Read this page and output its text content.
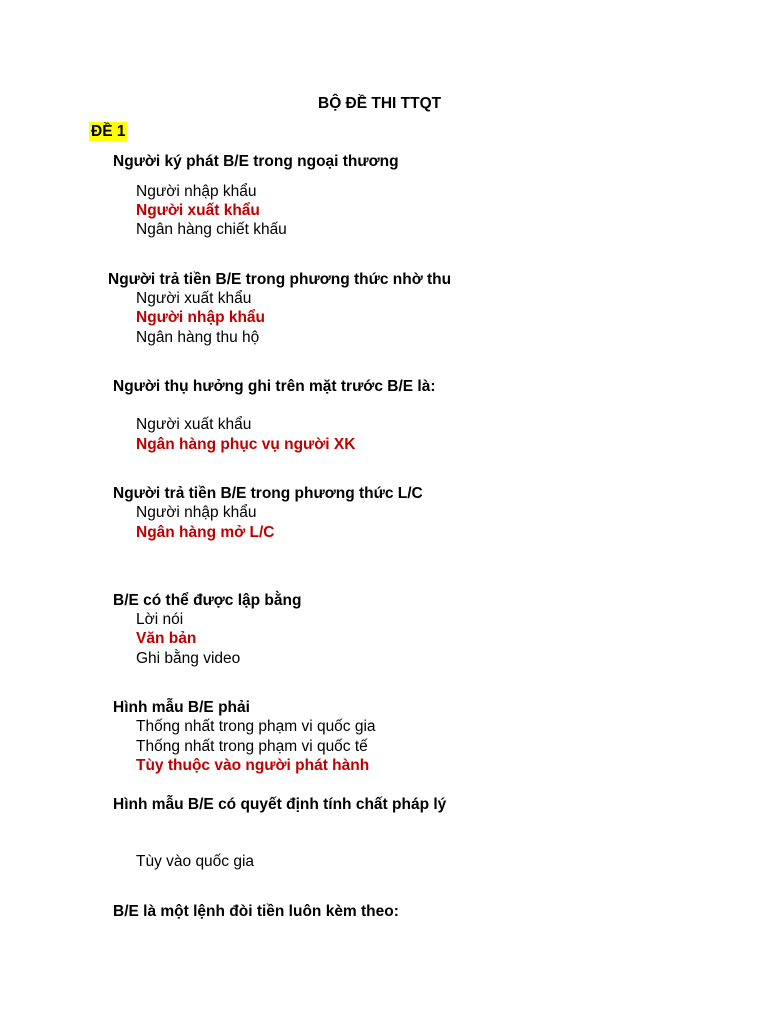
BỘ ĐỀ THI TTQT
ĐỀ 1
Người ký phát B/E trong ngoại thương
Người nhập khẩu
Người xuất khẩu
Ngân hàng chiết khấu
Người trả tiền B/E trong phương thức nhờ thu
Người xuất khẩu
Người nhập khẩu
Ngân hàng thu hộ
Người thụ hưởng ghi trên mặt trước B/E là:
Người xuất khẩu
Ngân hàng phục vụ người XK
Người trả tiền B/E trong phương thức L/C
Người nhập khẩu
Ngân hàng mở L/C
B/E có thể được lập bằng
Lời nói
Văn bản
Ghi bằng video
Hình mẫu B/E phải
Thống nhất trong phạm vi quốc gia
Thống nhất trong phạm vi quốc tế
Tùy thuộc vào người phát hành
Hình mẫu B/E có quyết định tính chất pháp lý
Tùy vào quốc gia
B/E là một lệnh đòi tiền luôn kèm theo:
